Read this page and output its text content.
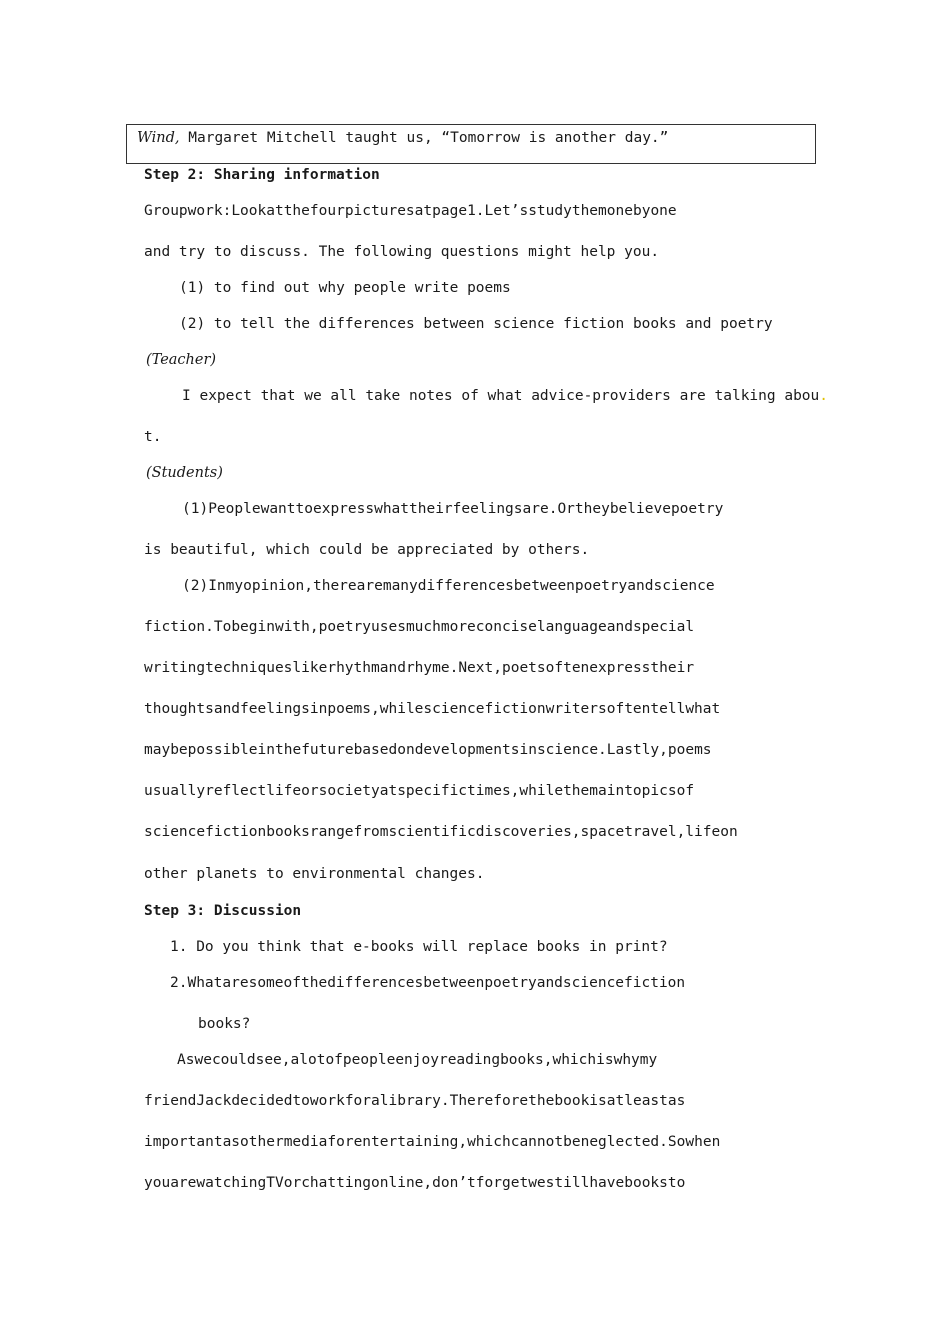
Wind, Margaret Mitchell taught us, “Tomorrow is another day.”
Step 2: Sharing information
Group work: Look at the four pictures at page 1. Let’s study them one by one
and try to discuss. The following questions might help you.
(1) to find out why people write poems
(2) to tell the differences between science fiction books and poetry
(Teacher)
I expect that we all take notes of what advice-providers are talking abou.
t.
(Students)
(1) People want to express what their feelings are. Or they believe poetry
is beautiful, which could be appreciated by others.
(2) In my opinion, there are many differences between poetry and science
fiction. To begin with, poetry uses much more concise language and special
writing techniques like rhythm and rhyme. Next, poets often express their
thoughts and feelings in poems, while science fiction writers often tell what
may be possible in the future based on developments in science. Lastly, poems
usually reflect life or society at specific times, while the main topics of
science fiction books range from scientific discoveries, space travel, life on
other planets to environmental changes.
Step 3: Discussion
1. Do you think that e-books will replace books in print?
2. What are some of the differences between poetry and science fiction
books?
As we could see, a lot of people enjoy reading books, which is why my
friend Jack decided to work for a library. Therefore the book is at least as
important as other media for entertaining, which can not be neglected. So when
you are watching TV or chatting online, don’t forget we still have books to
